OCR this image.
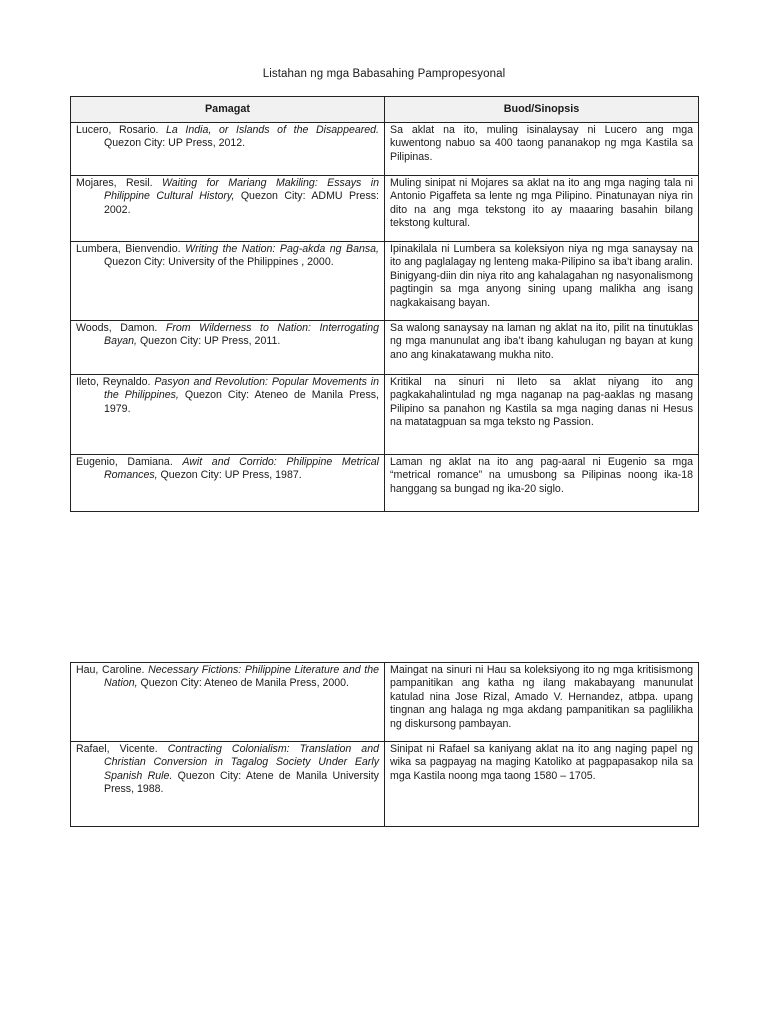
Listahan ng mga Babasahing Pampropesyonal
Pamagat	Buod/Sinopsis

Lucero, Rosario. La India, or Islands of the Disappeared. Quezon City: UP Press, 2012.	Sa aklat na ito, muling isinalaysay ni Lucero ang mga kuwentong nabuo sa 400 taong pananakop ng mga Kastila sa Pilipinas.

Mojares, Resil. Waiting for Mariang Makiling: Essays in Philippine Cultural History, Quezon City: ADMU Press: 2002.	Muling sinipat ni Mojares sa aklat na ito ang mga naging tala ni Antonio Pigaffeta sa lente ng mga Pilipino. Pinatunayan niya rin dito na ang mga tekstong ito ay maaaring basahin bilang tekstong kultural.

Lumbera, Bienvendio. Writing the Nation: Pag-akda ng Bansa, Quezon City: University of the Philippines , 2000.	Ipinakilala ni Lumbera sa koleksiyon niya ng mga sanaysay na ito ang paglalagay ng lenteng maka-Pilipino sa iba’t ibang aralin. Binigyang-diin din niya rito ang kahalagahan ng nasyonalismong pagtingin sa mga anyong sining upang malikha ang isang nagkakaisang bayan.

Woods, Damon. From Wilderness to Nation: Interrogating Bayan, Quezon City: UP Press, 2011.	Sa walong sanaysay na laman ng aklat na ito, pilit na tinutuklas ng mga manunulat ang iba’t ibang kahulugan ng bayan at kung ano ang kinakatawang mukha nito.

Ileto, Reynaldo. Pasyon and Revolution: Popular Movements in the Philippines, Quezon City: Ateneo de Manila Press, 1979.	Kritikal na sinuri ni Ileto sa aklat niyang ito ang pagkakahalintulad ng mga naganap na pag-aaklas ng masang Pilipino sa panahon ng Kastila sa mga naging danas ni Hesus na matatagpuan sa mga teksto ng Passion.

Eugenio, Damiana. Awit and Corrido: Philippine Metrical Romances, Quezon City: UP Press, 1987.	Laman ng aklat na ito ang pag-aaral ni Eugenio sa mga “metrical romance” na umusbong sa Pilipinas noong ika-18 hanggang sa bungad ng ika-20 siglo.
Hau, Caroline. Necessary Fictions: Philippine Literature and the Nation, Quezon City: Ateneo de Manila Press, 2000.	Maingat na sinuri ni Hau sa koleksiyong ito ng mga kritisismong pampanitikan ang katha ng ilang makabayang manunulat katulad nina Jose Rizal, Amado V. Hernandez, atbpa. upang tingnan ang halaga ng mga akdang pampanitikan sa paglilikha ng diskursong pambayan.

Rafael, Vicente. Contracting Colonialism: Translation and Christian Conversion in Tagalog Society Under Early Spanish Rule. Quezon City: Atene de Manila University Press, 1988.	Sinipat ni Rafael sa kaniyang aklat na ito ang naging papel ng wika sa pagpayag na maging Katoliko at pagpapasakop nila sa mga Kastila noong mga taong 1580 – 1705.
